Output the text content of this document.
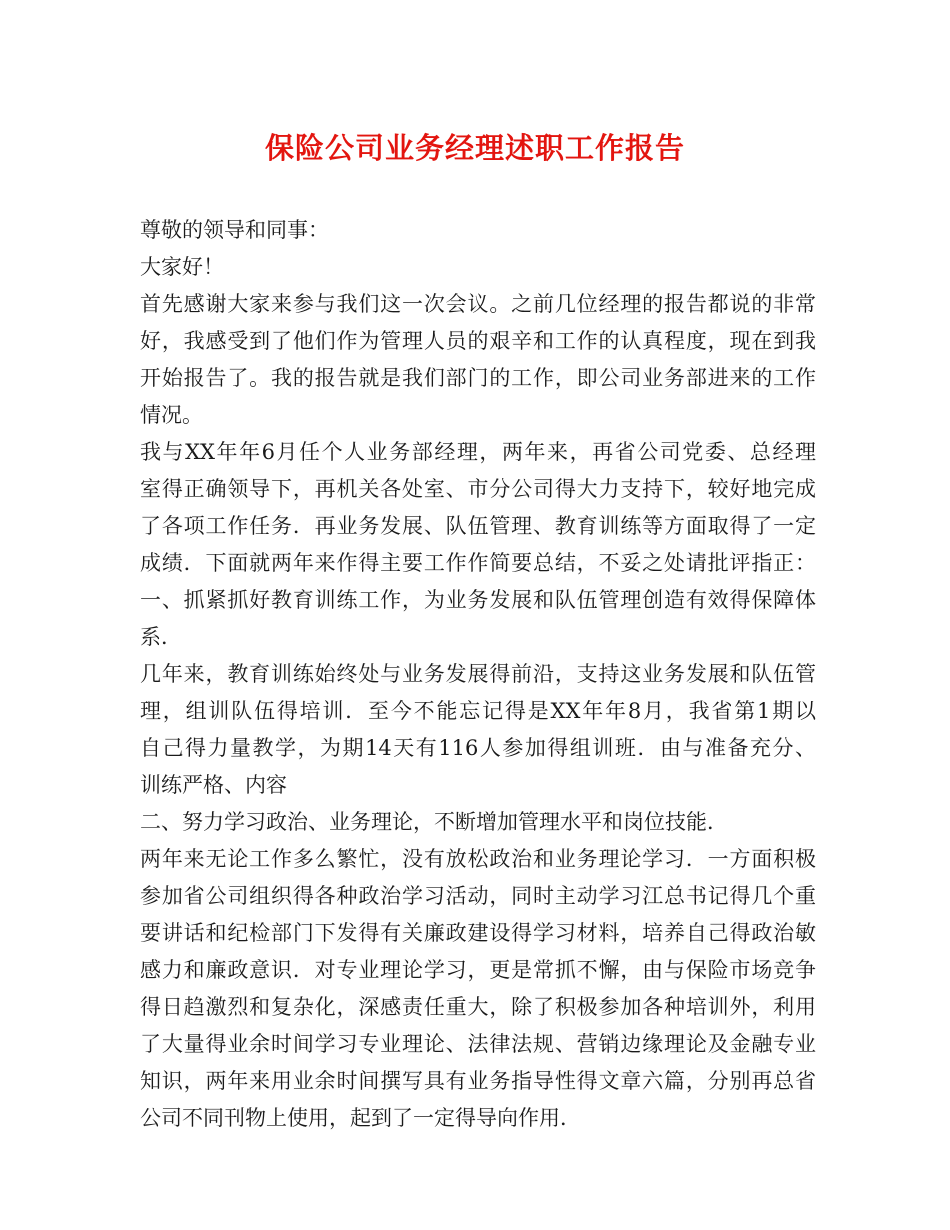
保险公司业务经理述职工作报告
尊敬的领导和同事：
大家好！
首先感谢大家来参与我们这一次会议。之前几位经理的报告都说的非常
好，我感受到了他们作为管理人员的艰辛和工作的认真程度，现在到我
开始报告了。我的报告就是我们部门的工作，即公司业务部进来的工作
情况。
我与XX年年6月任个人业务部经理，两年来，再省公司党委、总经理
室得正确领导下，再机关各处室、市分公司得大力支持下，较好地完成
了各项工作任务．再业务发展、队伍管理、教育训练等方面取得了一定
成绩．下面就两年来作得主要工作作简要总结，不妥之处请批评指正：
一、抓紧抓好教育训练工作，为业务发展和队伍管理创造有效得保障体
系．
几年来，教育训练始终处与业务发展得前沿，支持这业务发展和队伍管
理，组训队伍得培训．至今不能忘记得是XX年年8月，我省第1期以
自己得力量教学，为期14天有116人参加得组训班．由与准备充分、
训练严格、内容
二、努力学习政治、业务理论，不断增加管理水平和岗位技能．
两年来无论工作多么繁忙，没有放松政治和业务理论学习．一方面积极
参加省公司组织得各种政治学习活动，同时主动学习江总书记得几个重
要讲话和纪检部门下发得有关廉政建设得学习材料，培养自己得政治敏
感力和廉政意识．对专业理论学习，更是常抓不懈，由与保险市场竞争
得日趋激烈和复杂化，深感责任重大，除了积极参加各种培训外，利用
了大量得业余时间学习专业理论、法律法规、营销边缘理论及金融专业
知识，两年来用业余时间撰写具有业务指导性得文章六篇，分别再总省
公司不同刊物上使用，起到了一定得导向作用．
